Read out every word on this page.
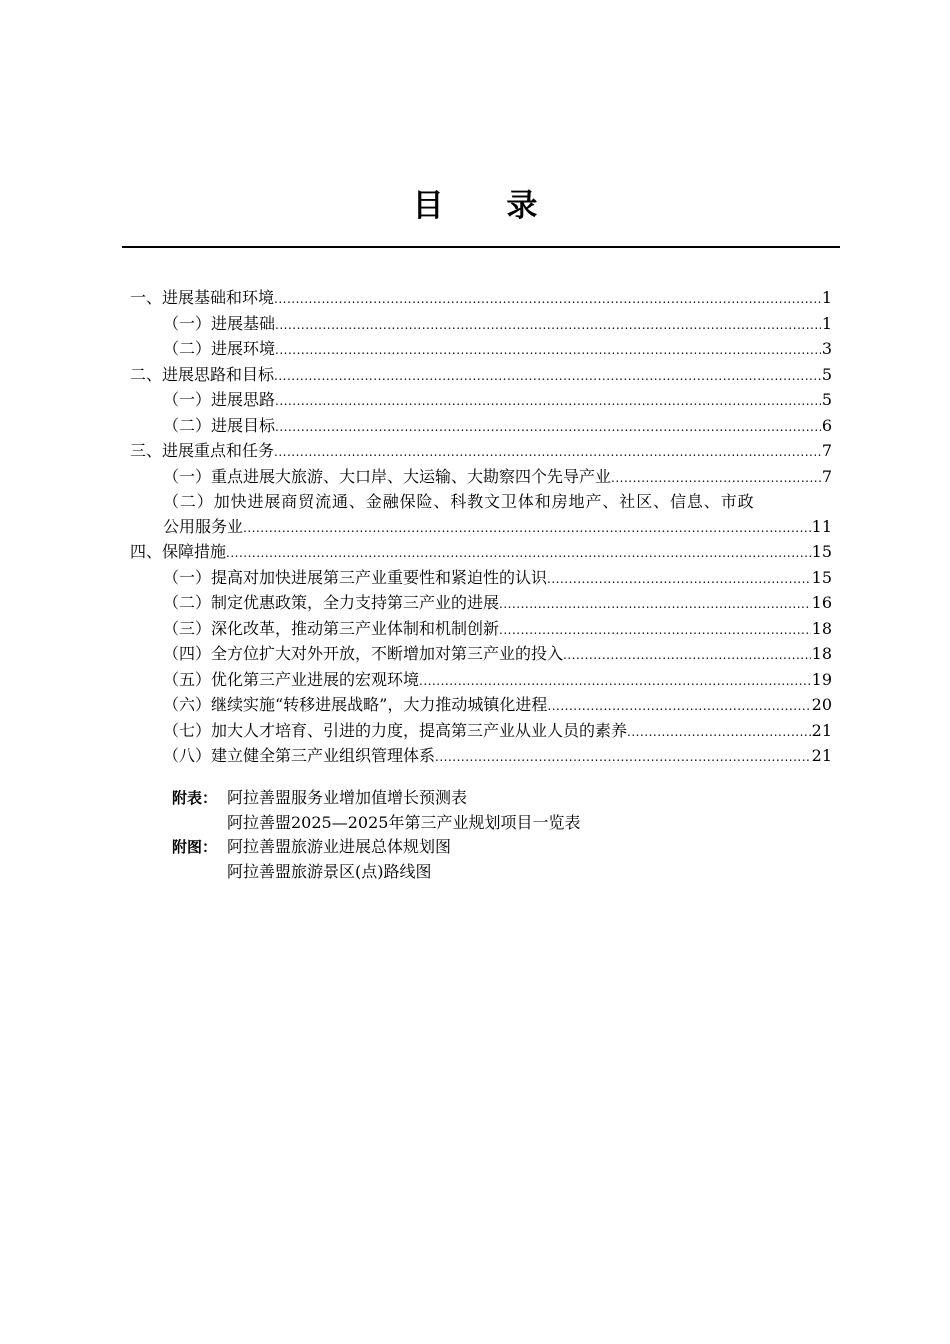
目 录
一、进展基础和环境 .....	1
（一）进展基础 .....	1
（二）进展环境 .....	3
二、进展思路和目标 .....	5
（一）进展思路 .....	5
（二）进展目标 .....	6
三、进展重点和任务 .....	7
（一）重点进展大旅游、大口岸、大运输、大勘察四个先导产业 .....	7
（二）加快进展商贸流通、金融保险、科教文卫体和房地产、社区、信息、市政
公用服务业 .....	11
四、保障措施 .....	15
（一）提高对加快进展第三产业重要性和紧迫性的认识 .....	15
（二）制定优惠政策，全力支持第三产业的进展 .....	16
（三）深化改革，推动第三产业体制和机制创新 .....	18
（四）全方位扩大对外开放，不断增加对第三产业的投入 .....	18
（五）优化第三产业进展的宏观环境 .....	19
（六）继续实施“转移进展战略”，大力推动城镇化进程 .....	20
（七）加大人才培育、引进的力度，提高第三产业从业人员的素养 .....	21
（八）建立健全第三产业组织管理体系 .....	21
附表： 阿拉善盟服务业增加值增长预测表
阿拉善盟2025—2025年第三产业规划项目一览表
附图： 阿拉善盟旅游业进展总体规划图
阿拉善盟旅游景区(点)路线图
